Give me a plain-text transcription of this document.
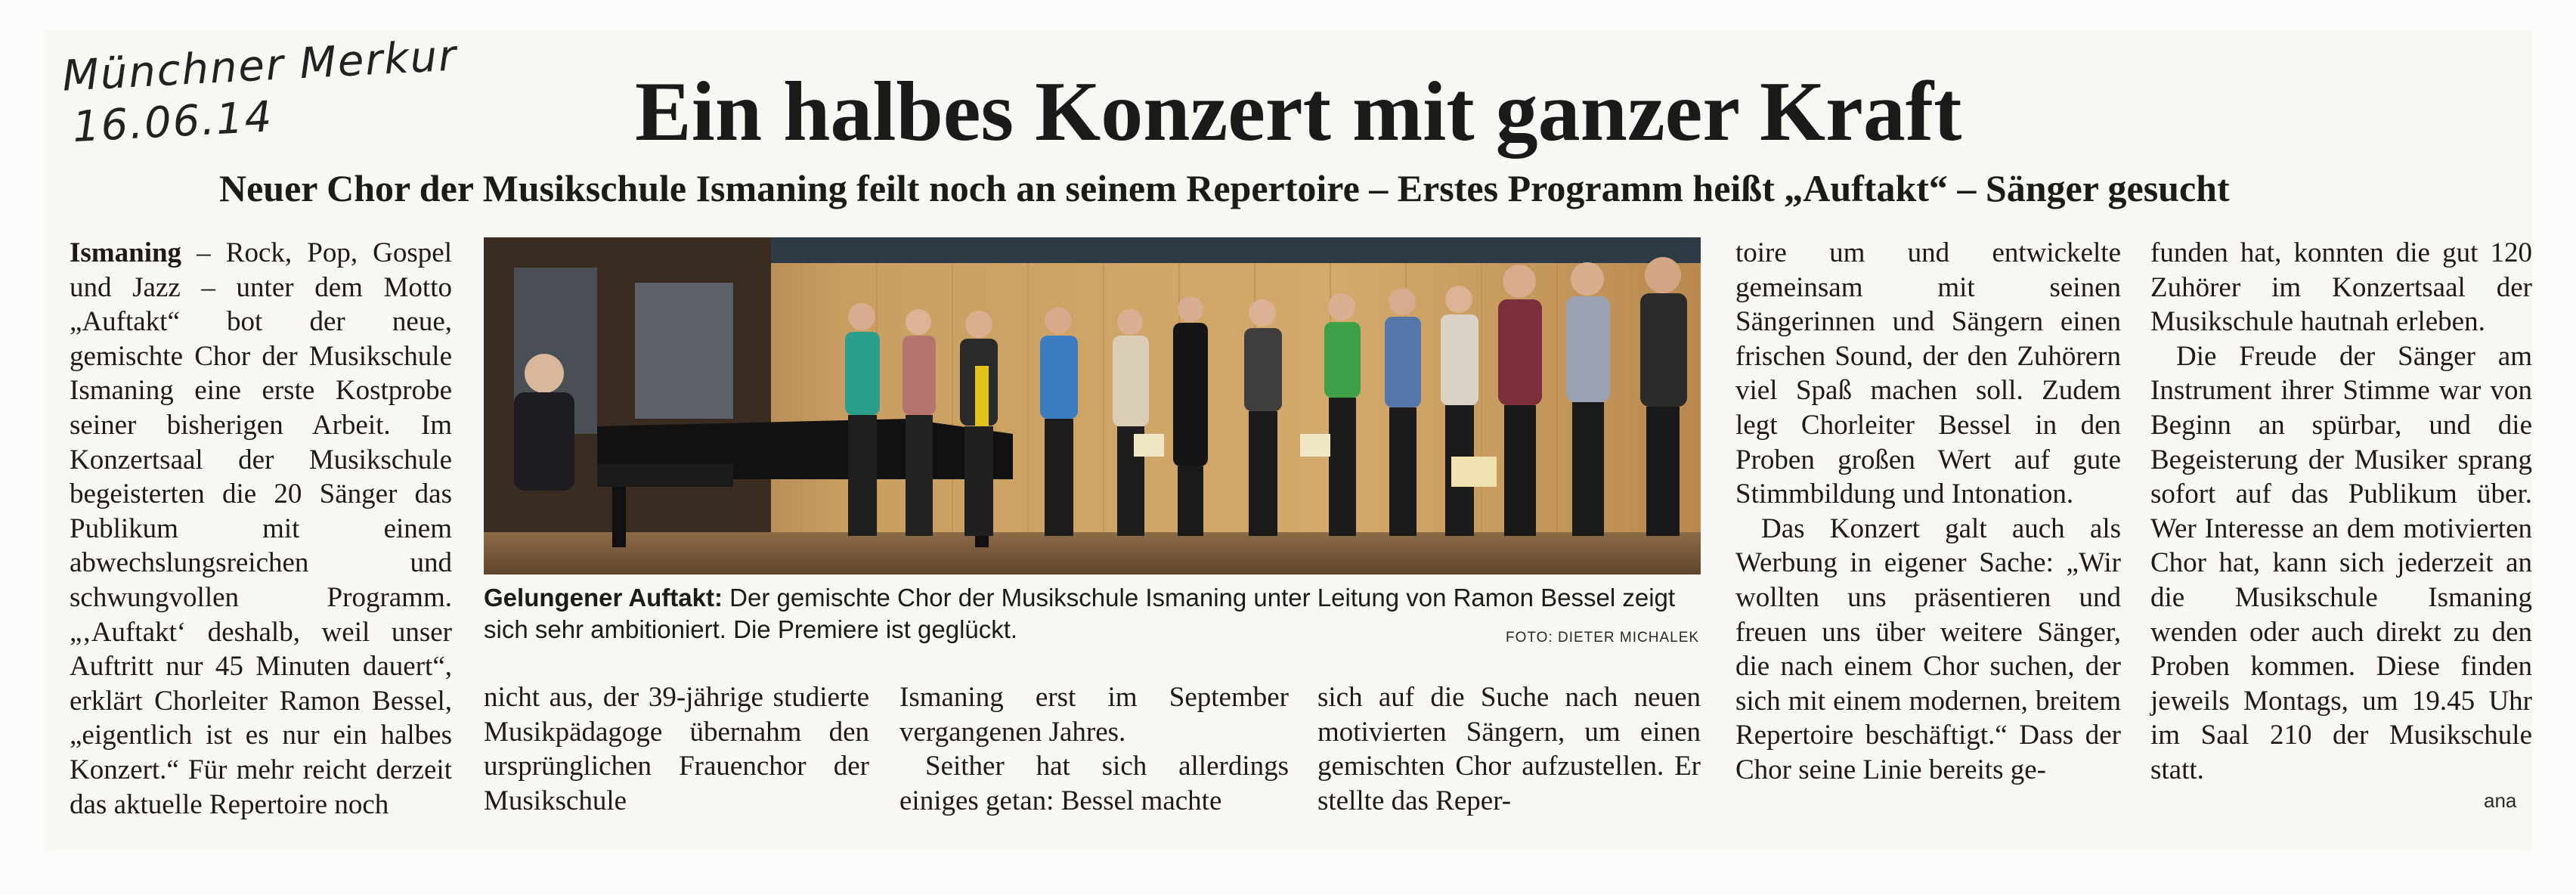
Münchner Merkur
16.06.14	Ein halbes Konzert mit ganzer Kraft
Neuer Chor der Musikschule Ismaning feilt noch an seinem Repertoire – Erstes Programm heißt „Auftakt“ – Sänger gesucht

Ismaning – Rock, Pop, Gospel und Jazz – unter dem Motto „Auftakt“ bot der neue, gemischte Chor der Musikschule Ismaning eine erste Kostprobe seiner bisherigen Arbeit. Im Konzertsaal der Musikschule begeisterten die 20 Sänger das Publikum mit einem abwechslungsreichen und schwungvollen Programm. „‚Auftakt‘ deshalb, weil unser Auftritt nur 45 Minuten dauert“, erklärt Chorleiter Ramon Bessel, „eigentlich ist es nur ein halbes Konzert.“ Für mehr reicht derzeit das aktuelle Repertoire noch

Gelungener Auftakt: Der gemischte Chor der Musikschule Ismaning unter Leitung von Ramon Bessel zeigt sich sehr ambitioniert. Die Premiere ist geglückt.	FOTO: DIETER MICHALEK

nicht aus, der 39-jährige studierte Musikpädagoge übernahm den ursprünglichen Frauenchor der Musikschule

Ismaning erst im September vergangenen Jahres.

Seither hat sich allerdings einiges getan: Bessel machte

sich auf die Suche nach neuen motivierten Sängern, um einen gemischten Chor aufzustellen. Er stellte das Reper-

toire um und entwickelte gemeinsam mit seinen Sängerinnen und Sängern einen frischen Sound, der den Zuhörern viel Spaß machen soll. Zudem legt Chorleiter Bessel in den Proben großen Wert auf gute Stimmbildung und Intonation.

Das Konzert galt auch als Werbung in eigener Sache: „Wir wollten uns präsentieren und freuen uns über weitere Sänger, die nach einem Chor suchen, der sich mit einem modernen, breitem Repertoire beschäftigt.“ Dass der Chor seine Linie bereits ge-

funden hat, konnten die gut 120 Zuhörer im Konzertsaal der Musikschule hautnah erleben.

Die Freude der Sänger am Instrument ihrer Stimme war von Beginn an spürbar, und die Begeisterung der Musiker sprang sofort auf das Publikum über. Wer Interesse an dem motivierten Chor hat, kann sich jederzeit an die Musikschule Ismaning wenden oder auch direkt zu den Proben kommen. Diese finden jeweils Montags, um 19.45 Uhr im Saal 210 der Musikschule statt.

ana
